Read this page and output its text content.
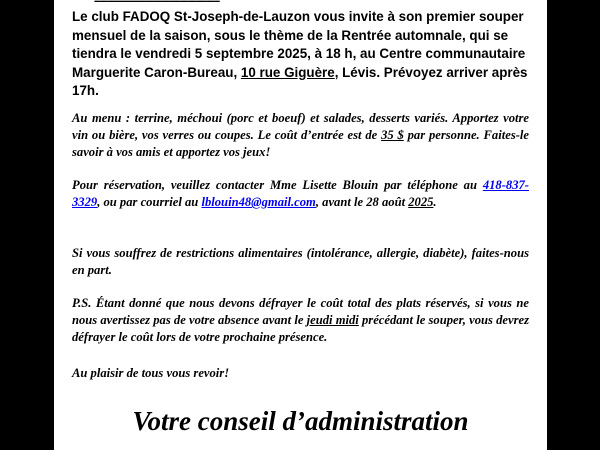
-----------------------------------------------
Le club FADOQ St-Joseph-de-Lauzon vous invite à son premier souper mensuel de la saison, sous le thème de la Rentrée automnale, qui se tiendra le vendredi 5 septembre 2025, à 18 h, au Centre communautaire Marguerite Caron-Bureau, 10 rue Giguère, Lévis. Prévoyez arriver après 17h.
Au menu : terrine, méchoui (porc et boeuf) et salades, desserts variés. Apportez votre vin ou bière, vos verres ou coupes. Le coût d’entrée est de 35 $ par personne. Faites-le savoir à vos amis et apportez vos jeux!
Pour réservation, veuillez contacter Mme Lisette Blouin par téléphone au 418-837-3329, ou par courriel au lblouin48@gmail.com, avant le 28 août 2025.
Si vous souffrez de restrictions alimentaires (intolérance, allergie, diabète), faites-nous en part.
P.S. Étant donné que nous devons défrayer le coût total des plats réservés, si vous ne nous avertissez pas de votre absence avant le jeudi midi précédant le souper, vous devrez défrayer le coût lors de votre prochaine présence.
Au plaisir de tous vous revoir!
Votre conseil d’administration
